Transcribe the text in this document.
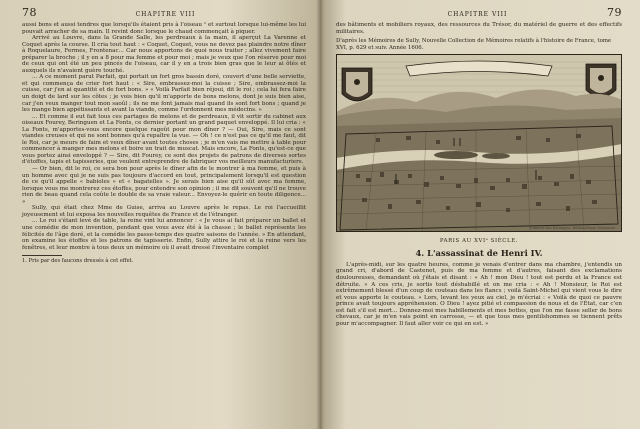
78	CHAPITRE VIII

aussi bons et aussi tendres que lorsqu'ils étaient pris à l'oiseau ¹ et surtout lorsque lui-même les lui pouvait arracher de sa main. Il revint donc lorsque le chaud commençait à piquer.

Arrivé au Louvre, dans la Grande Salle, les perdreaux à la main, il aperçut La Varenne et Coquet après la course. Il cria tout haut : « Coquet, Coquet, vous ne devez pas plaindre notre dîner à Roquelaure, Fermes, Frontenac... Car nous apportons de quoi nous traiter ; allez vivement faire préparer la broche ; il y en a 8 pour ma femme et pour moi ; mais je veux que l'on réserve pour moi de ceux qui ont été un peu pincés de l'oiseau, car il y en a trois bien gras que le leur ai ôtés et auxquels ils n'avaient guère touché.

... A ce moment parut Parfait, qui portait un fort gros bassin doré, couvert d'une belle serviette, et qui commença de crier fort haut : « Sire, embrassez-moi la cuisse ; Sire, embrassez-moi la cuisse, car j'en ai quantité et de fort bons. » « Voilà Parfait bien réjoui, dit le roi ; cela lui fera faire un doigt de lard sur les côtes ; je vois bien qu'il m'apporte de bons melons, dont je suis bien aise, car j'en veux manger tout mon saoûl ; ils ne me font jamais mal quand ils sont fort bons ; quand je les mange bien appétissants et avant la viande, comme l'ordonnent mes médecins. »

... Et comme il eut fait tous ces partages de melons et de perdreaux, il vit sortir du cabinet aux oiseaux Fourey, Beringuen et La Fonts, ce dernier portant un grand paquet enveloppé. Il lui cria : « La Fonts, m'apportes-vous encore quelque ragoût pour mon dîner ? — Oui, Sire, mais ce sont viandes creuses et qui ne sont bonnes qu'à repaître la vue. — Oh ! ce n'est pas ce qu'il me faut, dit le Roi, car je meurs de faim et veux dîner avant toutes choses ; je m'en vais me mettre à table pour commencer à manger mes melons et boire un trait de muscat. Mais encore, La Fonts, qu'est-ce que vous portez ainsi enveloppé ? — Sire, dit Fourey, ce sont des projets de patrons de diverses sortes d'étoffes, tapis et tapisseries, que veulent entreprendre de fabriquer vos meilleurs manufacturiers.

— Or bien, dit le roi, ce sera bon pour après le dîner afin de le montrer à ma femme, et puis à un homme avec qui je ne suis pas toujours d'accord en tout, principalement lorsqu'il est question de ce qu'il appelle « babioles » et « bagatelles ». Je serais bien aise qu'il sût avec ma femme, lorsque vous me montrerez ces étoffes, pour entendre son opinion ; il me dit souvent qu'il ne trouve rien de beau quand cela coûte le double de sa vraie valeur... Envoyez-le quérir en toute diligence... »

Sully, qui était chez Mme de Guise, arriva au Louvre après le repas. Le roi l'accueillit joyeusement et lui exposa les nouvelles requêtes de France et de l'étranger.

... Le roi s'étant levé de table, la reine vint lui annoncer : « Je vous ai fait préparer un ballet et une comédie de mon invention, pendant que vous avez été à la chasse ; le ballet représente les félicités de l'âge doré, et la comédie les passe-temps des quatre saisons de l'année. » En attendant, on examine les étoffes et les patrons de tapisserie. Enfin, Sully attire le roi et la reine vers les fenêtres, et leur montre à tous deux un mémoire où il avait dressé l'inventaire complet

1. Pris par des faucons dressés à cet effet.
CHAPITRE VIII	79

des bâtiments et mobiliers royaux, des ressources du Trésor, du matériel de guerre et des effectifs militaires.

D'après les Mémoires de Sully, Nouvelle Collection de Mémoires relatifs à l'histoire de France, tome XVI, p. 629 et suiv. Année 1606.
Cabinet des Estampes. Bibliothèque Nationale.
PARIS AU XVIᵉ SIÈCLE.
4. L'assassinat de Henri IV.

L'après-midi, sur les quatre heures, comme je venais d'entrer dans ma chambre, j'entendis un grand cri, d'abord de Castenet, puis de ma femme et d'autres, faisant des exclamations douloureuses, demandant où j'étais et disant : « Ah ! mon Dieu ! tout est perdu et la France est détruite. » A ces cris, je sortis tout déshabillé et on me cria : « Ah ! Monsieur, le Roi est extrêmement blessé d'un coup de couteau dans les flancs ; voilà Saint-Michel qui vient vous le dire et vous apporte le couteau. » Lors, levant les yeux au ciel, je m'écriai : « Voilà de quoi ce pauvre prince avait toujours appréhension. O Dieu ! ayez pitié et compassion de nous et de l'État, car c'en est fait s'il est mort... Donnez-moi mes habillements et mes bottes, que l'on me fasse seller de bons chevaux, car je m'en vais point en carrosse, — et que tous mes gentilshommes se tiennent prêts pour m'accompagner. Il faut aller voir ce qui en est. »
